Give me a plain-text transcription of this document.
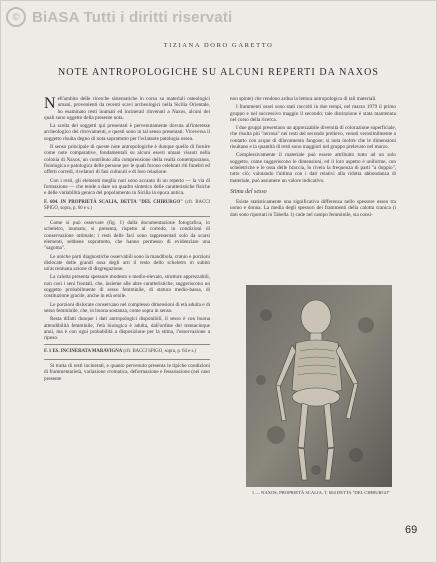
© BiASA Tutti i diritti riservati
TIZIANA DORO GARETTO
NOTE ANTROPOLOGICHE SU ALCUNI REPERTI DA NAXOS

Nell'ambito delle ricerche sistematiche in corso su materiali osteologici umani, provenienti da recenti scavi archeologici nella Sicilia Orientale, ho esaminato resti inumati ed incinerati rinvenuti a Naxos, alcuni dei quali sono oggetto della presente nota.

La scelta dei soggetti qui presentati è pervenutamente dovuta all'interesse archeologico dei ritrovamenti, e questi sono in tal senso presentati. Viceversa il soggetto risulta degno di nota soprattutto per l'eclatante patologia ossea.

Il senso principale di queste note antropologiche è dunque quello di fornire come note comparative, fondamentali su alcuni esseri umani vissuti nella colonia di Naxos, un contributo alla comprensione della realtà contemporanea, fisiologica e patologica delle persone per le quali furono celebrati riti funebri ed offerti corredi, rivelatori di fasi culturali e di loro relazione.

Con i resti, gli elementi meglio noti sono accanto di un reperto — la via di formazione — che tende a dare un quadro sintetico delle caratteristiche fisiche e delle variabilità genica del popolamento in Sicilia in epoca antica.

F. 604. IN PROPRIETÀ SCALIA, DETTA "DEL CHIRURGO" (cfr. BACCI SPIGO, sopra, p. 60 e s.)

Come si può osservare (fig. 1) dalla documentazione fotografica, lo scheletro, inumato, si presenta, rispetto al corredo, in condizioni di conservazione ottimale; i resti delle faci sono rappresentati solo da scarsi elementi, sebbene soprattutto, che hanno permesso di evidenziare una "sagoma".

Le uniche parti diagnostiche osservabili sono la mandibola, cranio e porzioni dislocate delle grandi ossa degli arti il resto dello scheletro in subito un'accentuata azione di disgregazione.

La calotta presenta spessore modesto e medio-elevato, strutture apprezzabili, non così i seni frontali, che, insieme alle altre caratteristiche, suggeriscono un soggetto probabilmente di sesso femminile, di statura medio-bassa, di costituzione gracile, anche in età senile.

Le porzioni dislocate conservano nel complesso dimensioni di età adulta e di sesso femminile, che, in buona sostanza, come sopra in senso.

Resta difatti dunque i dati antropologici disponibili, il sesso è con buona attendibilità femminile, l'età biologica è adulta, dall'ordine dei trentacinque anni, ma è con ogni probabilità a disposizione per la stima, l'osservazione a riposo.

F. 1 ES. INCINERATA MARAVIGNA (cfr. BACCI SPIGO, sopra, p. 64 e s.)

Si tratta di resti incinerati, e quanto pervenuto presenta le tipiche condizioni di frammentarietà, variazione cromatica, deformazione e fessurazione (nel caso presente

non spinte) che rendono ardua la lettura antropologica di tali materiali.

I frammenti ossei sono stati raccolti in due tempi, nel marzo 1979 il primo gruppo e nel successivo maggio il secondo; tale distinzione è stata mantenuta nel corso della ricerca.

I due gruppi presentano un apprezzabile diversità di colorazione superficiale, che risulta più "terrosa" nei resti del secondo prelievo, venuti verosimilmente a contatto con acque di dilavamento fangose; si nota inoltre che le dimensioni risultano e la quantità di resti sono maggiori nel gruppo prelevato nel marzo.

Complessivamente il materiale può essere attribuito tutto ad un solo soggetto, come suggeriscono le dimensioni, ed il loro aspetto è uniforme, con scheletriche e le ossa delle braccia, lo rivela la frequenza di parti "a doppio", tutto ciò; valutando l'ultima con i dati relativi alla ridotta abbondanza di materiale, può assumere un valore indicativo.

Stima del sesso

Esiste statisticamente una significativa differenza nello spessore osseo tra uomo e donna. La media degli spessori dei frammenti della calotta cranica (i dati sono riportati in Tabella 1) cade nel campo femminile, sia consi-

1 — NAXOS, PROPRIETÀ SCALIA, T. 604 DETTA "DEL CHIRURGO"
69
